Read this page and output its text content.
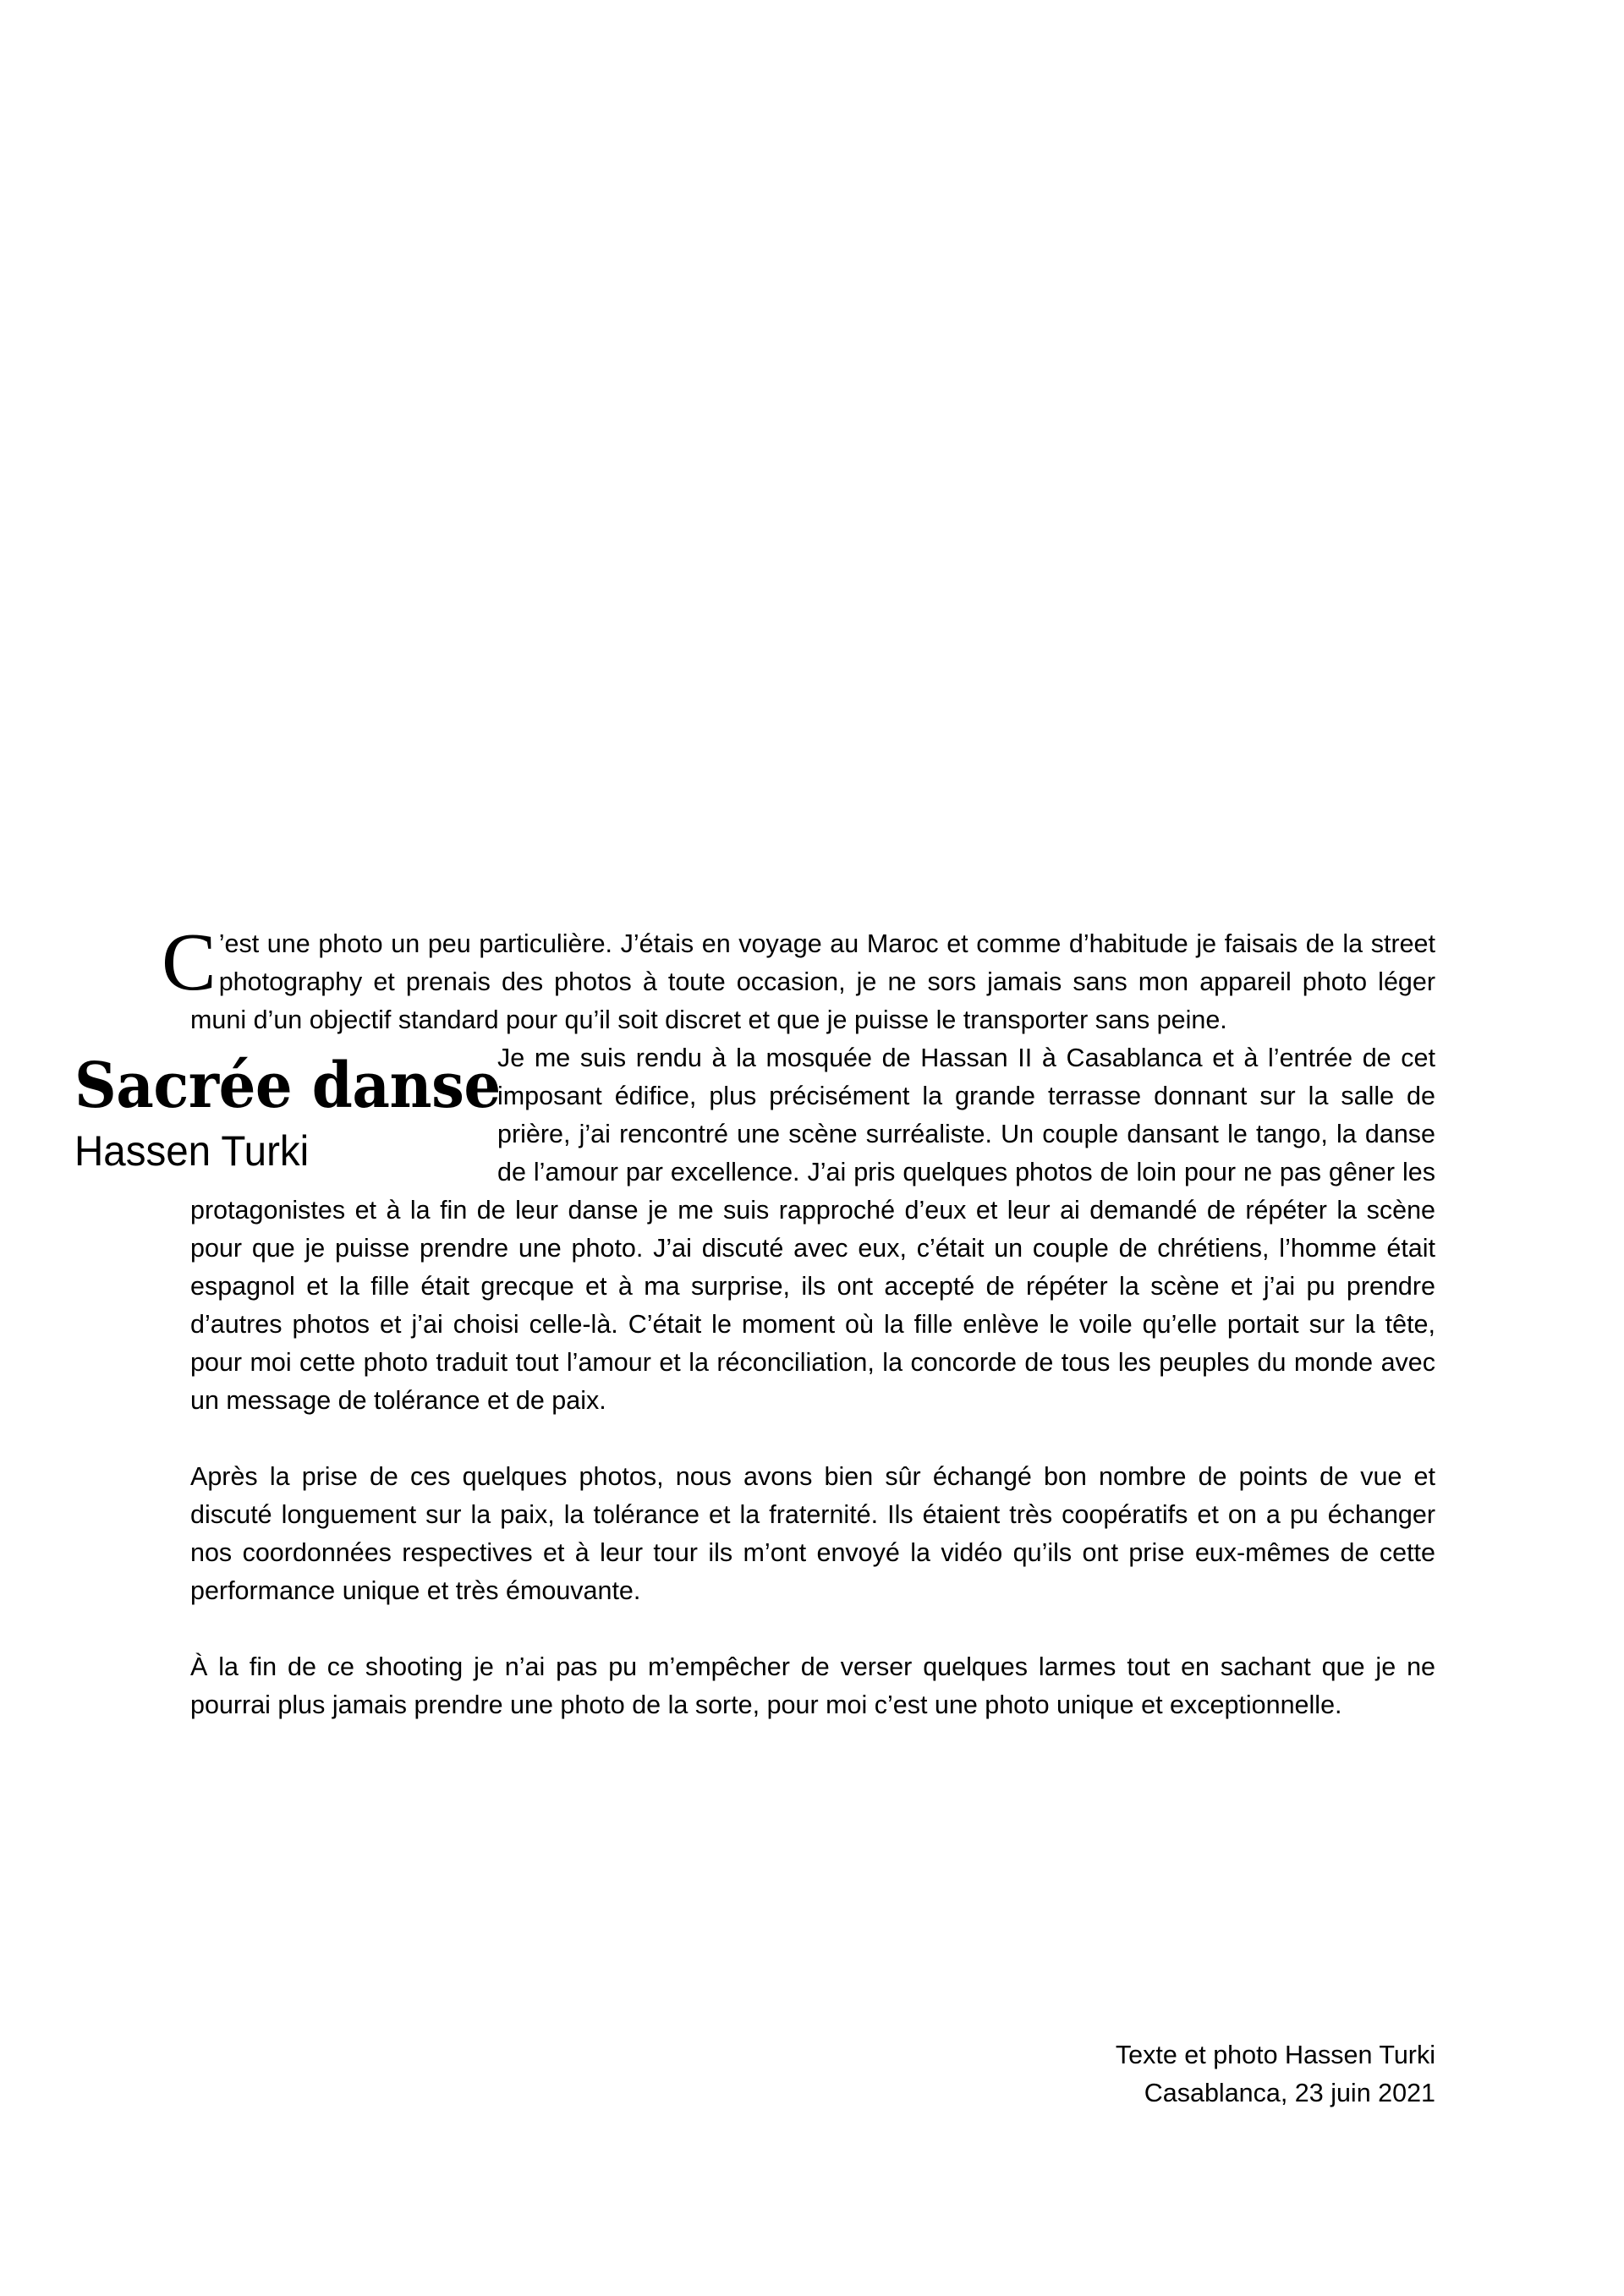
C ’est une photo un peu particulière. J’étais en voyage au Maroc et comme d’habitude je faisais de la street photography et prenais des photos à toute occasion, je ne sors jamais sans mon appareil photo léger muni d’un objectif standard pour qu’il soit discret et que je puisse le transporter sans peine.

Sacrée danse
Hassen Turki

Je me suis rendu à la mosquée de Hassan II à Casablanca et à l’entrée de cet imposant édifice, plus précisément la grande terrasse donnant sur la salle de prière, j’ai rencontré une scène surréaliste. Un couple dansant le tango, la danse de l’amour par excellence. J’ai pris quelques photos de loin pour ne pas gêner les protagonistes et à la fin de leur danse je me suis rapproché d’eux et leur ai demandé de répéter la scène pour que je puisse prendre une photo. J’ai discuté avec eux, c’était un couple de chrétiens, l’homme était espagnol et la fille était grecque et à ma surprise, ils ont accepté de répéter la scène et j’ai pu prendre d’autres photos et j’ai choisi celle-là. C’était le moment où la fille enlève le voile qu’elle portait sur la tête, pour moi cette photo traduit tout l’amour et la réconciliation, la concorde de tous les peuples du monde avec un message de tolérance et de paix.

Après la prise de ces quelques photos, nous avons bien sûr échangé bon nombre de points de vue et discuté longuement sur la paix, la tolérance et la fraternité. Ils étaient très coopératifs et on a pu échanger nos coordonnées respectives et à leur tour ils m’ont envoyé la vidéo qu’ils ont prise eux-mêmes de cette performance unique et très émouvante.

À la fin de ce shooting je n’ai pas pu m’empêcher de verser quelques larmes tout en sachant que je ne pourrai plus jamais prendre une photo de la sorte, pour moi c’est une photo unique et exceptionnelle.

Texte et photo Hassen Turki
Casablanca, 23 juin 2021
